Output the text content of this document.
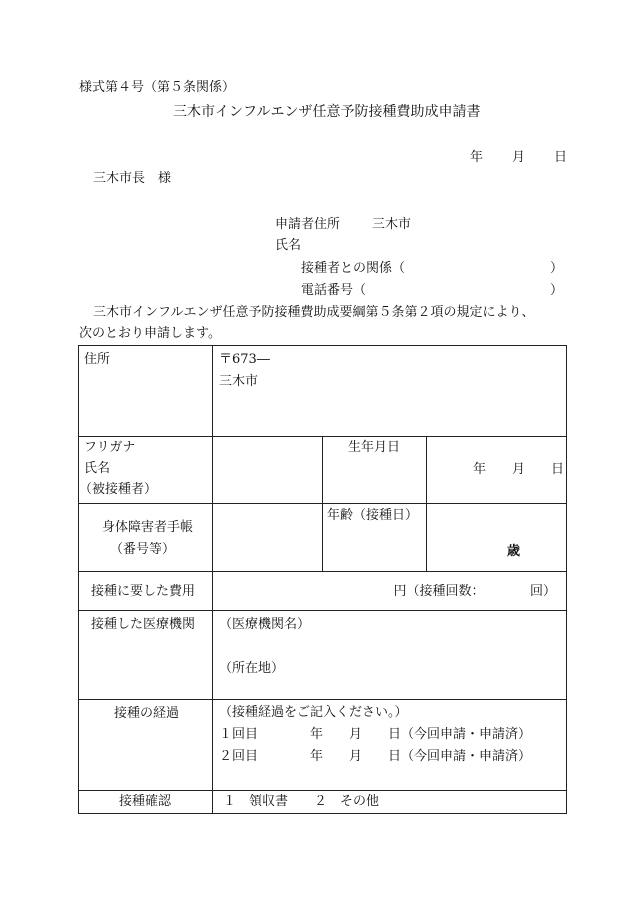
様式第４号（第５条関係）
三木市インフルエンザ任意予防接種費助成申請書
年 月 日
三木市長　様
申請者住所 三木市
氏名
接種者との関係（	）
電話番号（	）
三木市インフルエンザ任意予防接種費助成要綱第５条第２項の規定により、
次のとおり申請します。
住所	〒673―
三木市		

フリガナ
氏名
（被接種者）		生年月日	年 月 日

身体障害者手帳
（番号等）		年齢（接種日）	歳

接種に要した費用	円（接種回数：　　　　回）		

接種した医療機関	（医療機関名）
（所在地）		

接種の経過	（接種経過をご記入ください。）
１回目　　　　年　　月　　日（今回申請・申請済）
２回目　　　　年　　月　　日（今回申請・申請済）		

接種確認	１　領収書　　２　その他		
